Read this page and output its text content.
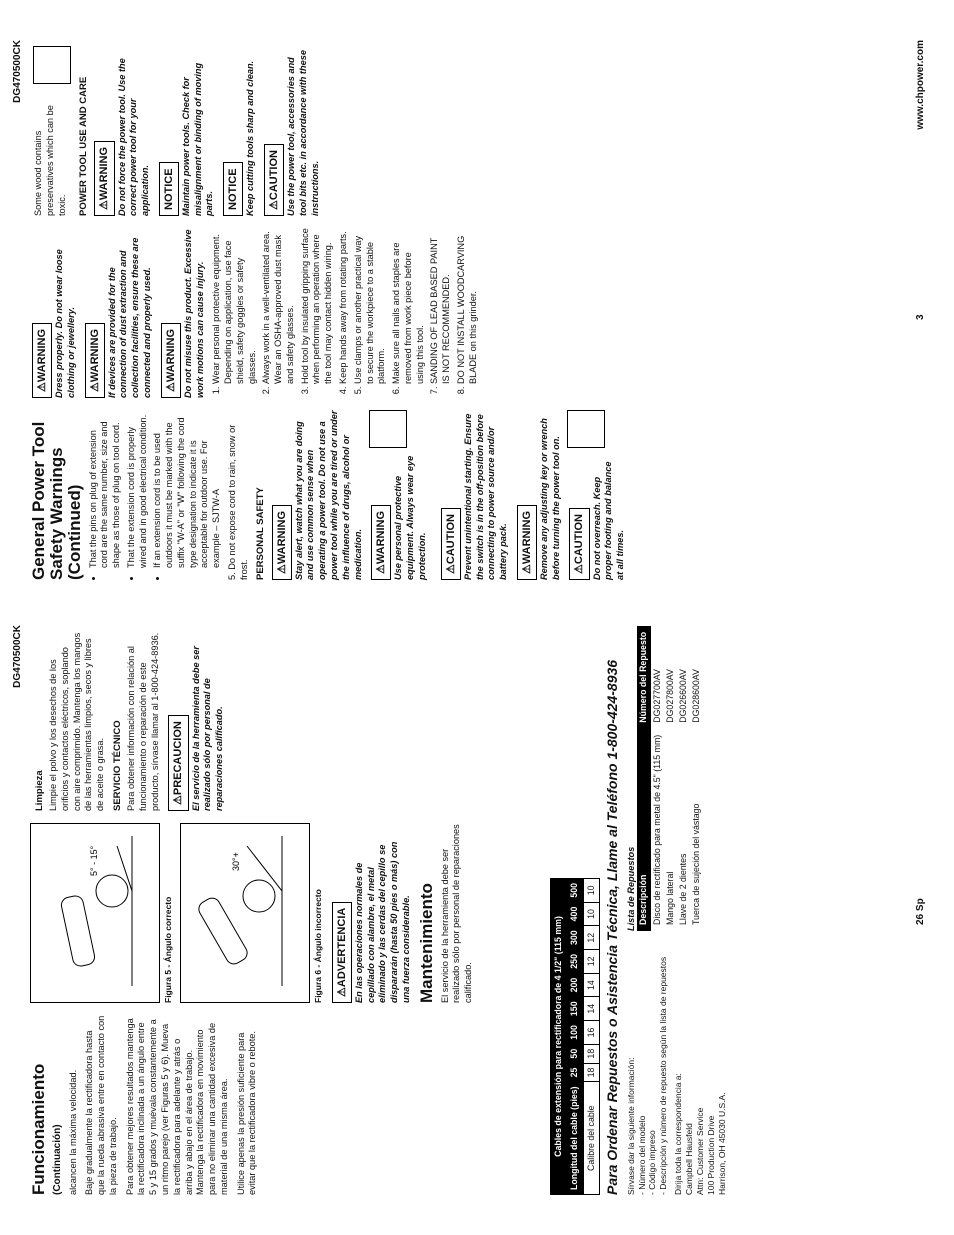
DG470500CK
Funcionamiento (Continuación) alcancen la máxima velocidad. Baje gradualmente la rectificadora hasta que la rueda abrasiva entre en contacto con la pieza de trabajo. Para obtener mejores resultados mantenga la rectificadora inclinada a un ángulo entre 5 y 15 grados y muévala constantemente a un ritmo parejo (ver Figuras 5 y 6). Mueva la rectificadora para adelante y atrás o arriba y abajo en el área de trabajo. Mantenga la rectificadora en movimiento para no eliminar una cantidad excesiva de material de una misma área. Utilice apenas la presión suficiente para evitar que la rectificadora vibre o rebote.

5° - 15°
Figura 5 - Ángulo correcto
30°+
Figura 6 - Ángulo incorrecto ⚠ADVERTENCIA En las operaciones normales de cepillado con alambre, el metal eliminado y las cerdas del cepillo se dispararán (hasta 50 pies o más) con una fuerza considerable. Mantenimiento El servicio de la herramienta debe ser realizado sólo por personal de reparaciones calificado.

Limpieza Limpie el polvo y los desechos de los orificios y contactos eléctricos, soplando con aire comprimido. Mantenga los mangos de las herramientas limpios, secos y libres de aceite o grasa. SERVICIO TÉCNICO Para obtener información con relación al funcionamiento o reparación de este producto, sírvase llamar al 1-800-424-8936. ⚠PRECAUCION El servicio de la herramienta debe ser realizado sólo por personal de reparaciones calificado.

Cables de extensión para rectificadora de 4 1/2" (115 mm)									
Longitud del cable (pies)	25	50	100	150	200	250	300	400	500
Calibre del cable	18	18	16	14	14	12	12	10	10 Para Ordenar Repuestos o Asistencia Técnica, Llame al Teléfono 1-800-424-8936 Sírvase dar la siguiente información: - Número del modelo - Código impreso - Descripción y número de repuesto según la lista de repuestos Dirija toda la correspondencia a: Campbell Hausfeld Attn: Customer Service 100 Production Drive Harrison, OH 45030 U.S.A.
Lista de Repuestos Descripción	Número del Repuesto
Disco de rectificado para metal de 4.5" (115 mm)	DG027700AV
Mango lateral	DG027800AV
Llave de 2 dientes	DG026600AV
Tuerca de sujeción del vástago	DG028600AV
26 Sp
DG470500CK
General Power Tool Safety Warnings (Continued) • That the pins on plug of extension cord are the same number, size and shape as those of plug on tool cord. • That the extension cord is properly wired and in good electrical condition. • If an extension cord is to be used outdoors it must be marked with the suffix "W-A" or "W" following the cord type designation to indicate it is acceptable for outdoor use. For example – SJTW-A 5. Do not expose cord to rain, snow or frost. PERSONAL SAFETY ⚠WARNING Stay alert, watch what you are doing and use common sense when operating a power tool. Do not use a power tool while you are tired or under the influence of drugs, alcohol or medication.	⚠WARNING Use personal protective equipment. Always wear eye protection. ⚠CAUTION Prevent unintentional starting. Ensure the switch is in the off-position before connecting to power source and/or battery pack. ⚠WARNING Remove any adjusting key or wrench before turning the power tool on.	⚠CAUTION Do not overreach. Keep proper footing and balance at all times.

⚠WARNING Dress properly. Do not wear loose clothing or jewellery. ⚠WARNING If devices are provided for the connection of dust extraction and collection facilities, ensure these are connected and properly used. ⚠WARNING Do not misuse this product. Excessive work motions can cause injury. 1. Wear personal protective equipment. Depending on application, use face shield, safety goggles or safety glasses. 2. Always work in a well-ventilated area. Wear an OSHA-approved dust mask and safety glasses. 3. Hold tool by insulated gripping surface when performing an operation where the tool may contact hidden wiring. 4. Keep hands away from rotating parts. 5. Use clamps or another practical way to secure the workpiece to a stable platform. 6. Make sure all nails and staples are removed from work piece before using this tool. 7. SANDING OF LEAD BASED PAINT IS NOT RECOMMENDED. 8. DO NOT INSTALL WOODCARVING BLADE on this grinder.

Some wood contains preservatives which can be toxic. POWER TOOL USE AND CARE ⚠WARNING Do not force the power tool. Use the correct power tool for your application. NOTICE Maintain power tools. Check for misalignment or binding of moving parts. NOTICE Keep cutting tools sharp and clean. ⚠CAUTION Use the power tool, accessories and tool bits etc. in accordance with these instructions.

3
www.chpower.com
